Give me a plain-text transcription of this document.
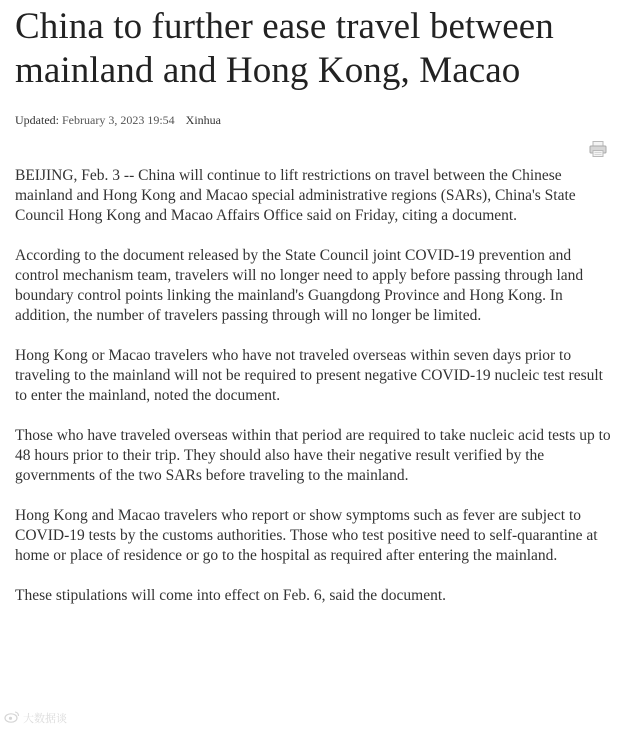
China to further ease travel between mainland and Hong Kong, Macao
Updated: February 3, 2023 19:54 Xinhua

BEIJING, Feb. 3 -- China will continue to lift restrictions on travel between the Chinese mainland and Hong Kong and Macao special administrative regions (SARs), China's State Council Hong Kong and Macao Affairs Office said on Friday, citing a document.

According to the document released by the State Council joint COVID-19 prevention and control mechanism team, travelers will no longer need to apply before passing through land boundary control points linking the mainland's Guangdong Province and Hong Kong. In addition, the number of travelers passing through will no longer be limited.

Hong Kong or Macao travelers who have not traveled overseas within seven days prior to traveling to the mainland will not be required to present negative COVID-19 nucleic test result to enter the mainland, noted the document.

Those who have traveled overseas within that period are required to take nucleic acid tests up to 48 hours prior to their trip. They should also have their negative result verified by the governments of the two SARs before traveling to the mainland.

Hong Kong and Macao travelers who report or show symptoms such as fever are subject to COVID-19 tests by the customs authorities. Those who test positive need to self-quarantine at home or place of residence or go to the hospital as required after entering the mainland.

These stipulations will come into effect on Feb. 6, said the document.

大数据谈
